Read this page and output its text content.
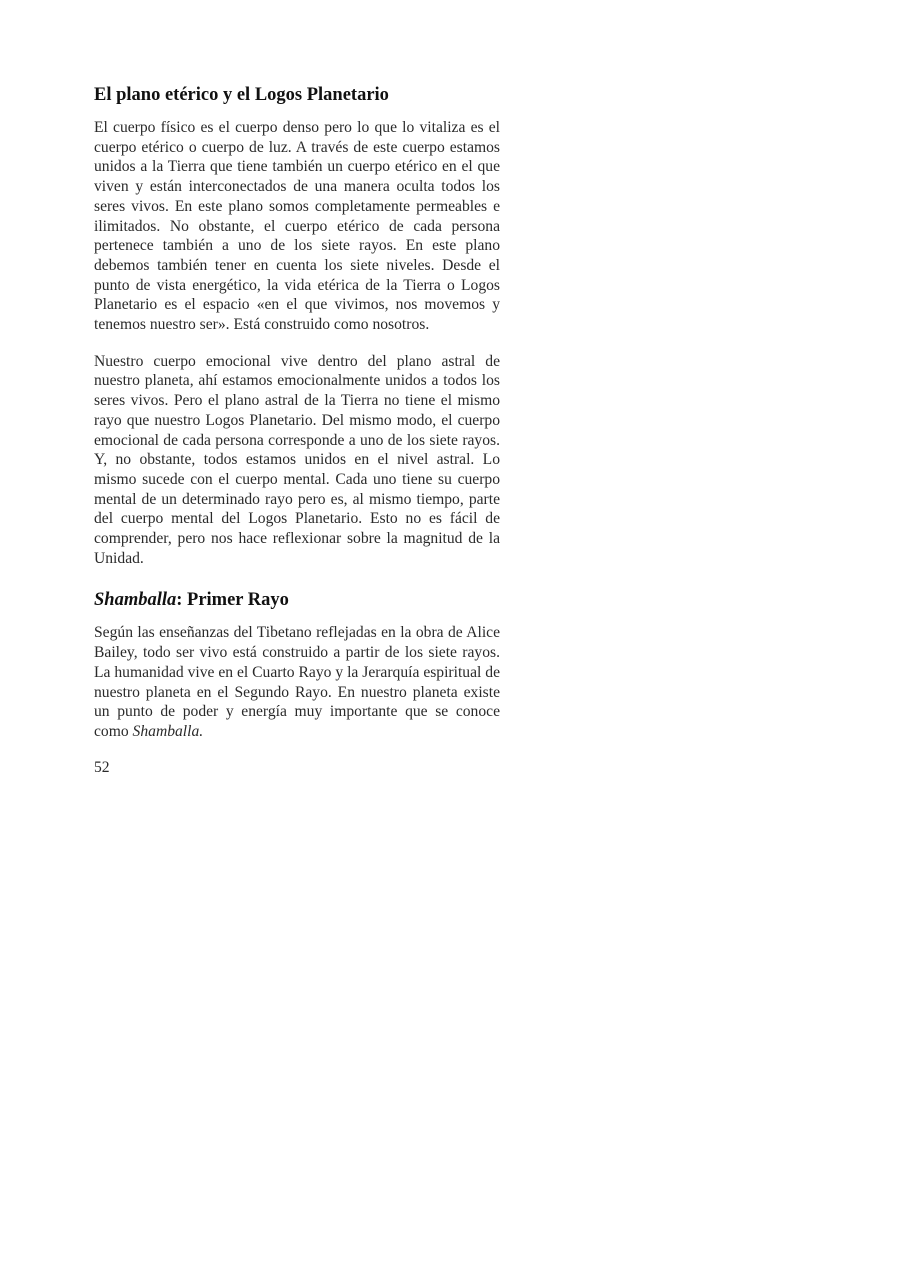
El plano etérico y el Logos Planetario

El cuerpo físico es el cuerpo denso pero lo que lo vitaliza es el cuerpo etérico o cuerpo de luz. A través de este cuerpo estamos unidos a la Tierra que tiene también un cuerpo etérico en el que viven y están interconectados de una manera oculta todos los seres vivos. En este plano somos completamente permeables e ilimitados. No obstante, el cuerpo etérico de cada persona pertenece también a uno de los siete rayos. En este plano debemos también tener en cuenta los siete niveles. Desde el punto de vista energético, la vida etérica de la Tierra o Logos Planetario es el espacio «en el que vivimos, nos movemos y tenemos nuestro ser». Está construido como nosotros.

Nuestro cuerpo emocional vive dentro del plano astral de nuestro planeta, ahí estamos emocionalmente unidos a todos los seres vivos. Pero el plano astral de la Tierra no tiene el mismo rayo que nuestro Logos Planetario. Del mismo modo, el cuerpo emocional de cada persona corresponde a uno de los siete rayos. Y, no obstante, todos estamos unidos en el nivel astral. Lo mismo sucede con el cuerpo mental. Cada uno tiene su cuerpo mental de un determinado rayo pero es, al mismo tiempo, parte del cuerpo mental del Logos Planetario. Esto no es fácil de comprender, pero nos hace reflexionar sobre la magnitud de la Unidad.

Shamballa: Primer Rayo

Según las enseñanzas del Tibetano reflejadas en la obra de Alice Bailey, todo ser vivo está construido a partir de los siete rayos. La humanidad vive en el Cuarto Rayo y la Jerarquía espiritual de nuestro planeta en el Segundo Rayo. En nuestro planeta existe un punto de poder y energía muy importante que se conoce como Shamballa.

52
